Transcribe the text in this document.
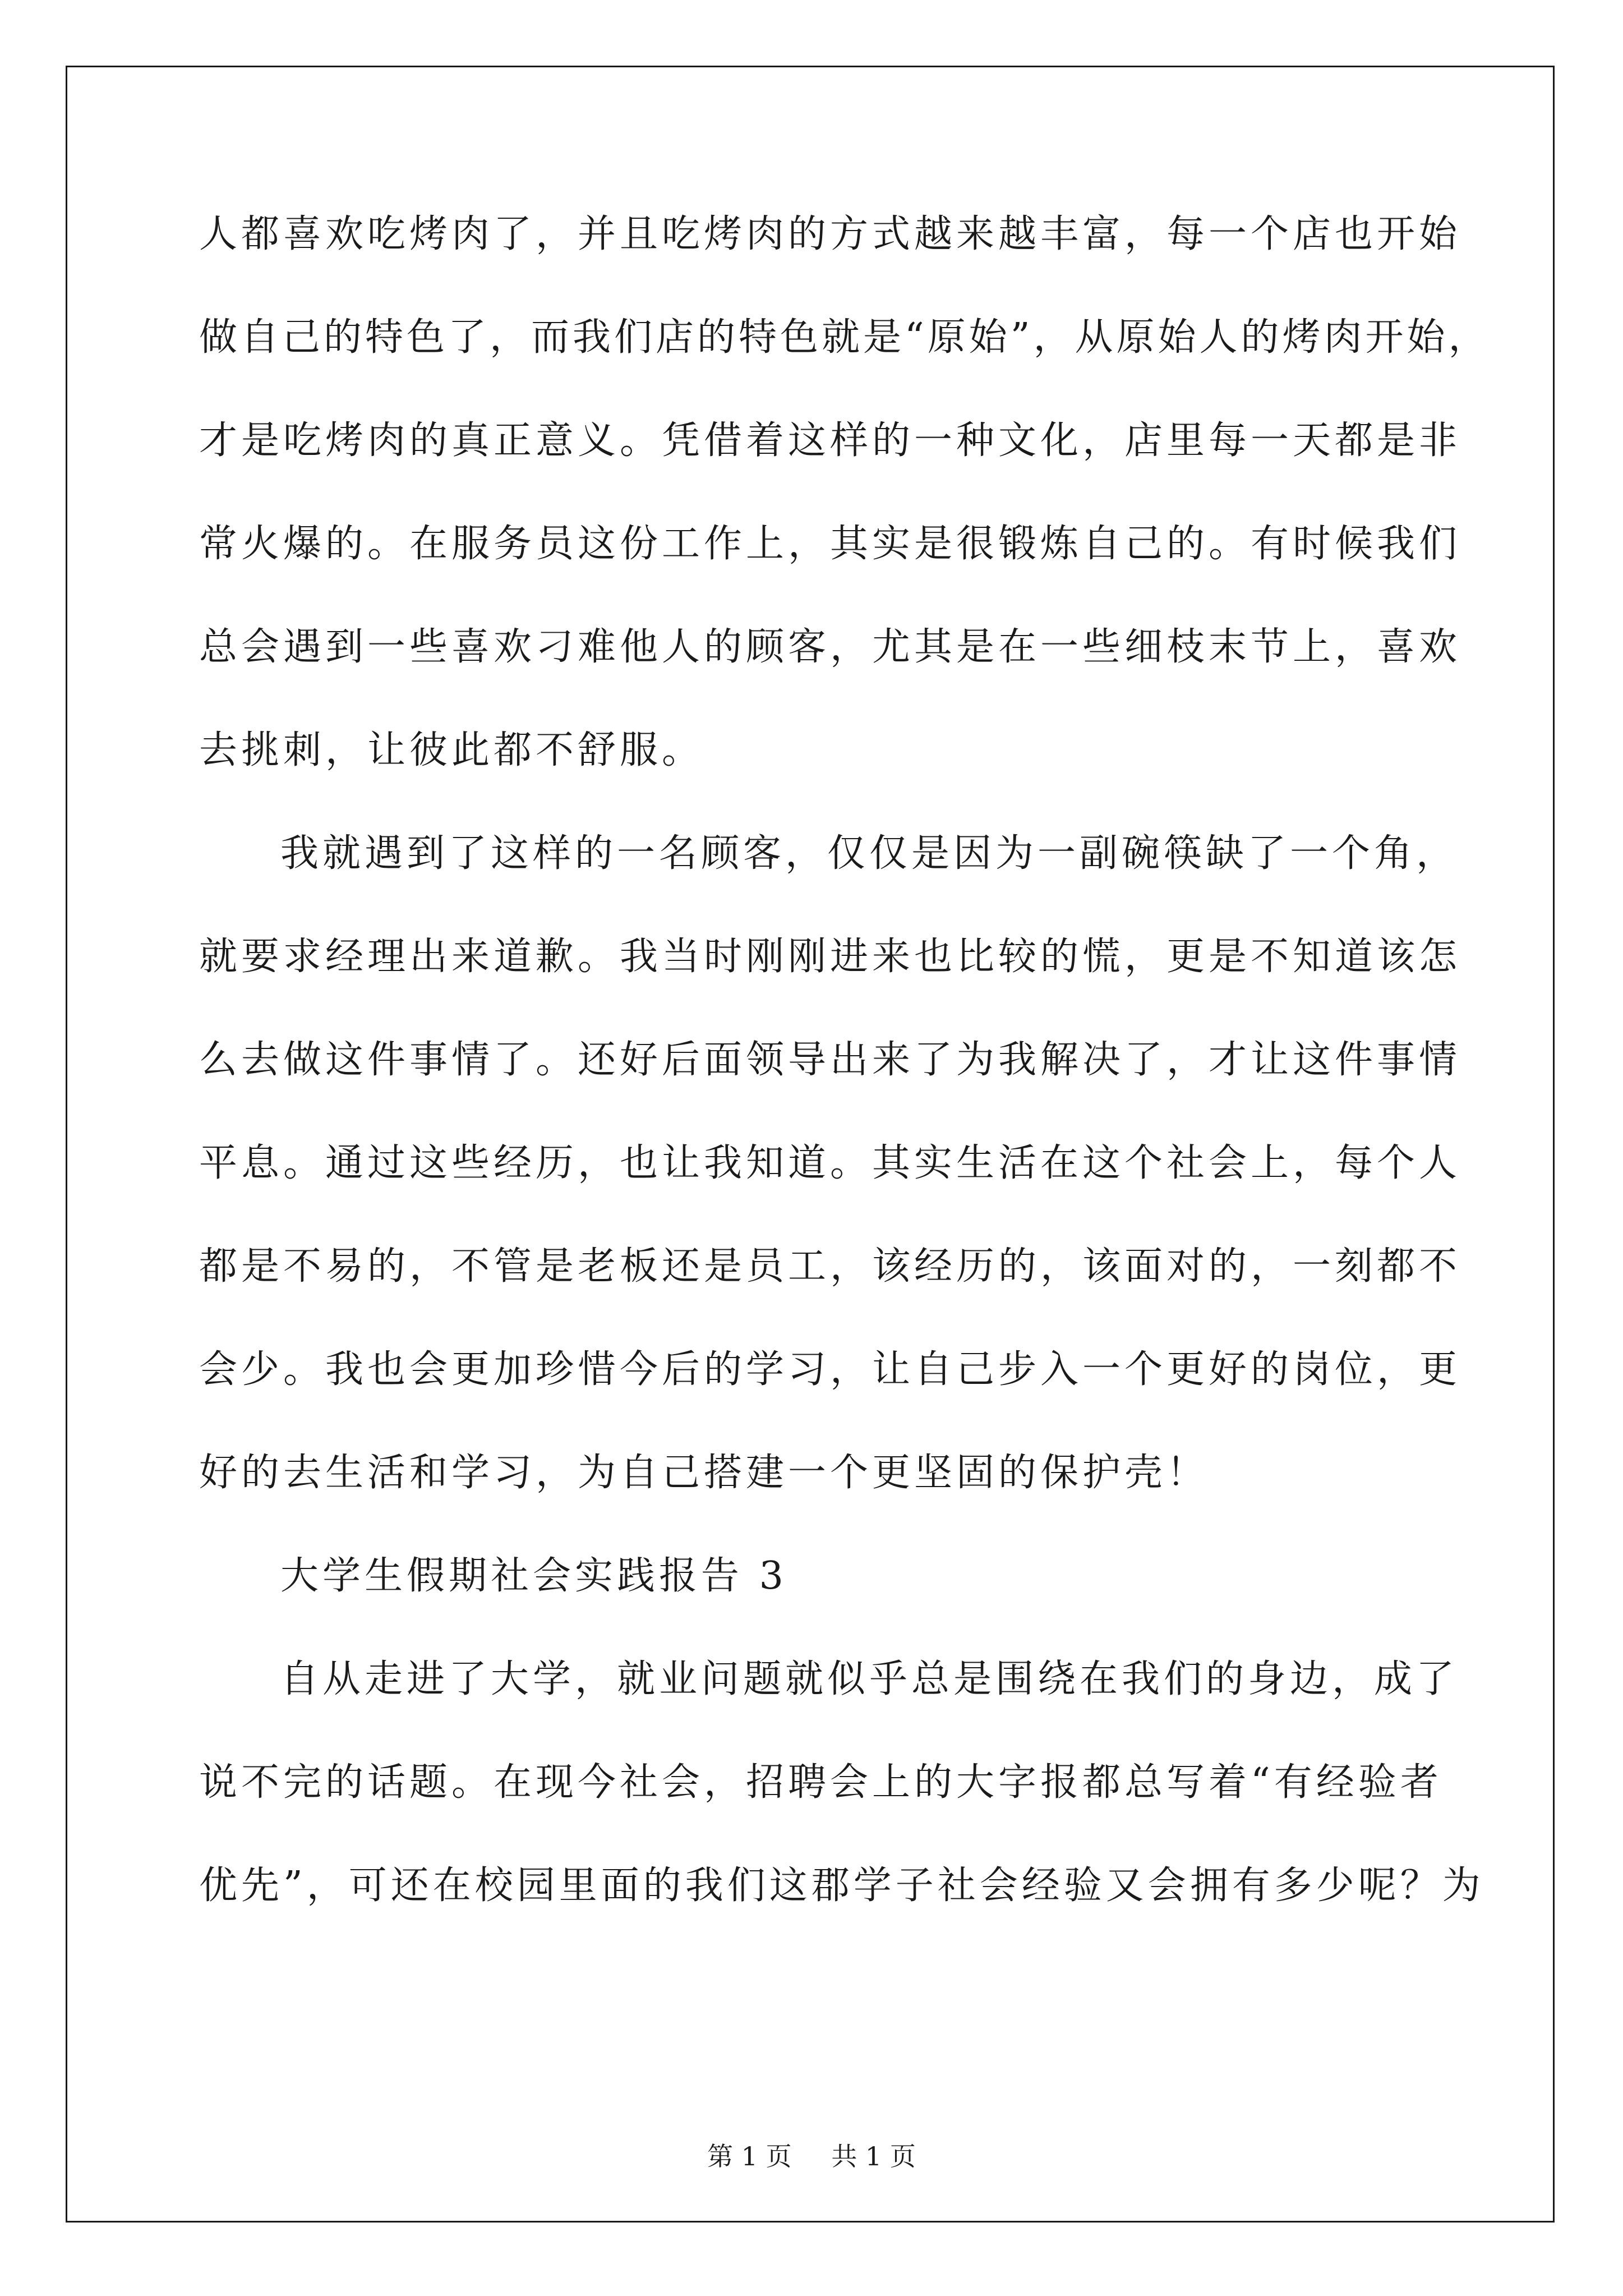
人都喜欢吃烤肉了，并且吃烤肉的方式越来越丰富，每一个店也开始
做自己的特色了，而我们店的特色就是“原始”，从原始人的烤肉开始，
才是吃烤肉的真正意义。凭借着这样的一种文化，店里每一天都是非
常火爆的。在服务员这份工作上，其实是很锻炼自己的。有时候我们
总会遇到一些喜欢刁难他人的顾客，尤其是在一些细枝末节上，喜欢
去挑刺，让彼此都不舒服。
我就遇到了这样的一名顾客，仅仅是因为一副碗筷缺了一个角，
就要求经理出来道歉。我当时刚刚进来也比较的慌，更是不知道该怎
么去做这件事情了。还好后面领导出来了为我解决了，才让这件事情
平息。通过这些经历，也让我知道。其实生活在这个社会上，每个人
都是不易的，不管是老板还是员工，该经历的，该面对的，一刻都不
会少。我也会更加珍惜今后的学习，让自己步入一个更好的岗位，更
好的去生活和学习，为自己搭建一个更坚固的保护壳！
大学生假期社会实践报告 3
自从走进了大学，就业问题就似乎总是围绕在我们的身边，成了
说不完的话题。在现今社会，招聘会上的大字报都总写着“有经验者
优先”，可还在校园里面的我们这郡学子社会经验又会拥有多少呢？为
第 1 页 共 1 页
